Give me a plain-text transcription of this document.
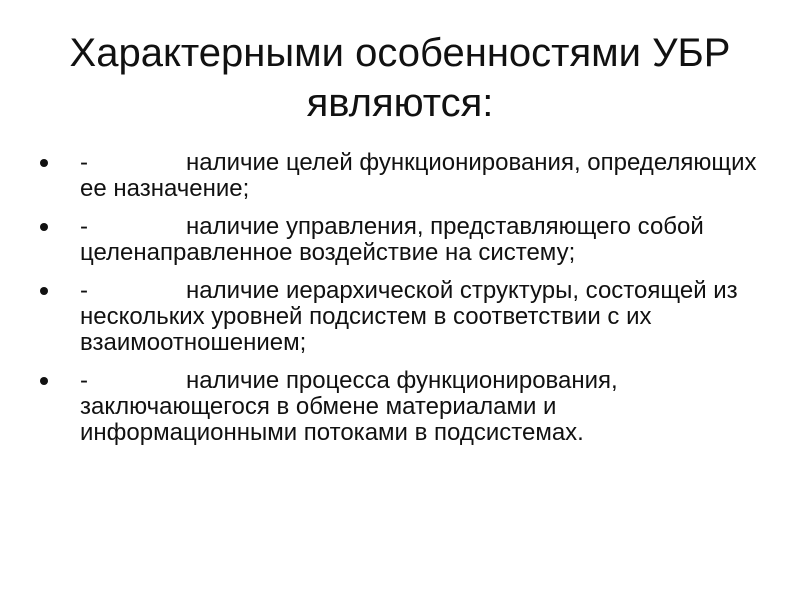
Характерными особенностями УБР являются:
-	наличие целей функционирования, определяющих ее назначение;
-	наличие управления, представляющего собой целенаправленное воздействие на систему;
-	наличие иерархической структуры, состоящей из нескольких уровней подсистем в соответствии с их взаимоотношением;
-	наличие процесса функционирования, заключающегося в обмене материалами и информационными потоками в подсистемах.
